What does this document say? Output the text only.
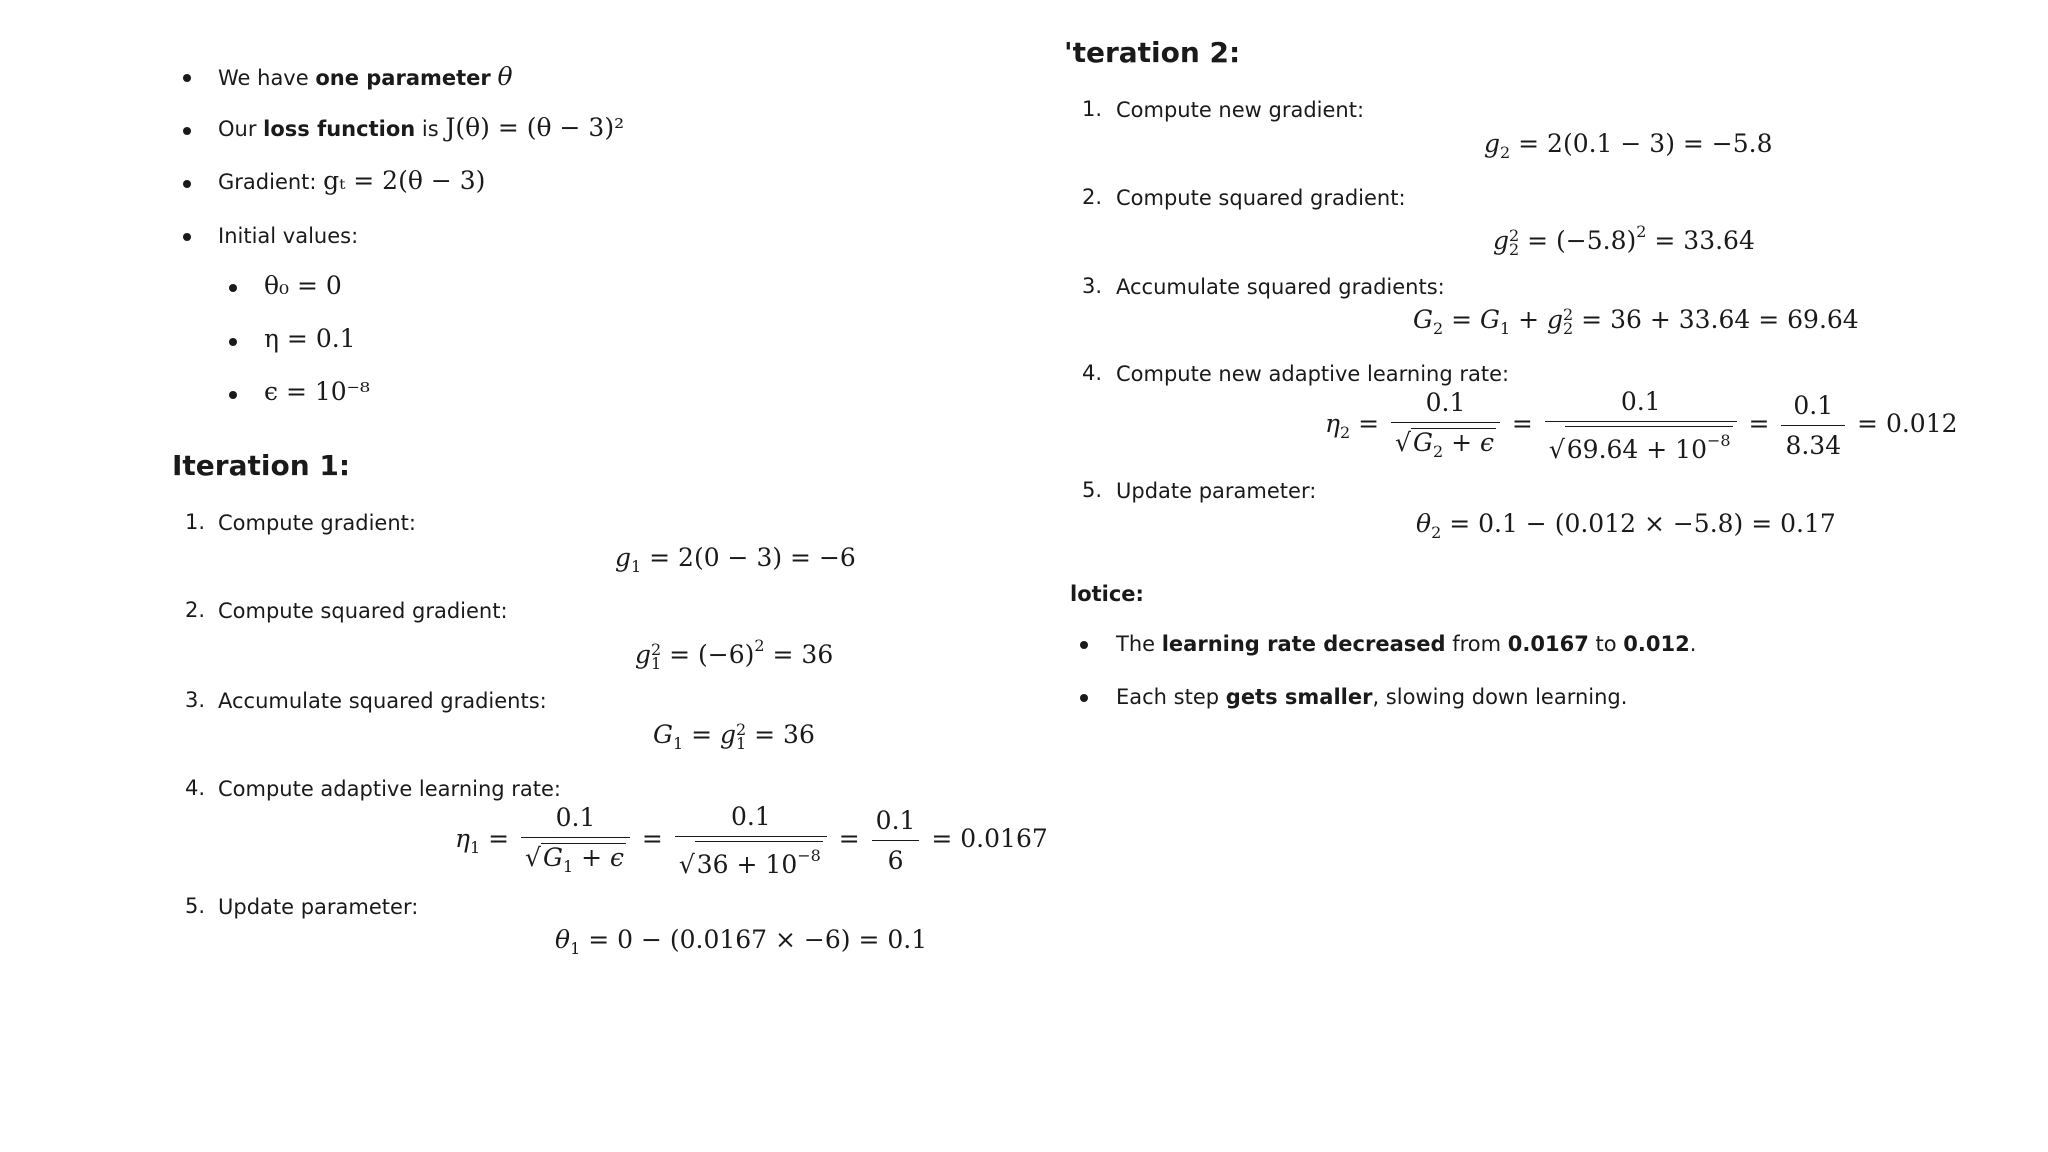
We have one parameter θ
Our loss function is J(θ) = (θ − 3)²
Gradient: gₜ = 2(θ − 3)
Initial values:
θ₀ = 0
η = 0.1
ϵ = 10⁻⁸
Iteration 1:
1. Compute gradient:
$g_1 = 2(0 - 3) = -6$
2. Compute squared gradient:
g 2
$1 = (-6)^2 = 36$
3. Accumulate squared gradients:
$G_1 = g$ 2
1 = 36
4. Compute adaptive learning rate:
$\eta_1 = \frac{0.1}{√G_1 + \epsilon} = \frac{0.1}{√36 + 10^{-8}} = \frac{0.1}{6} = 0.0167$
5. Update parameter:
$\theta_1 = 0 - (0.0167 \times -6) = 0.1$
'teration 2:
1. Compute new gradient:
$g_2 = 2(0.1 - 3) = -5.8$
2. Compute squared gradient:
g 2
$2 = (-5.8)^2 = 33.64$
3. Accumulate squared gradients:
$G_2 = G_1 + g$ 2
2 = 36 + 33.64 = 69.64
4. Compute new adaptive learning rate:
$\eta_2 = \frac{0.1}{√G_2 + \epsilon} = \frac{0.1}{√69.64 + 10^{-8}} = \frac{0.1}{8.34} = 0.012$
5. Update parameter:
$\theta_2 = 0.1 - (0.012 \times -5.8) = 0.17$
lotice:
The learning rate decreased from 0.0167 to 0.012.
Each step gets smaller, slowing down learning.
